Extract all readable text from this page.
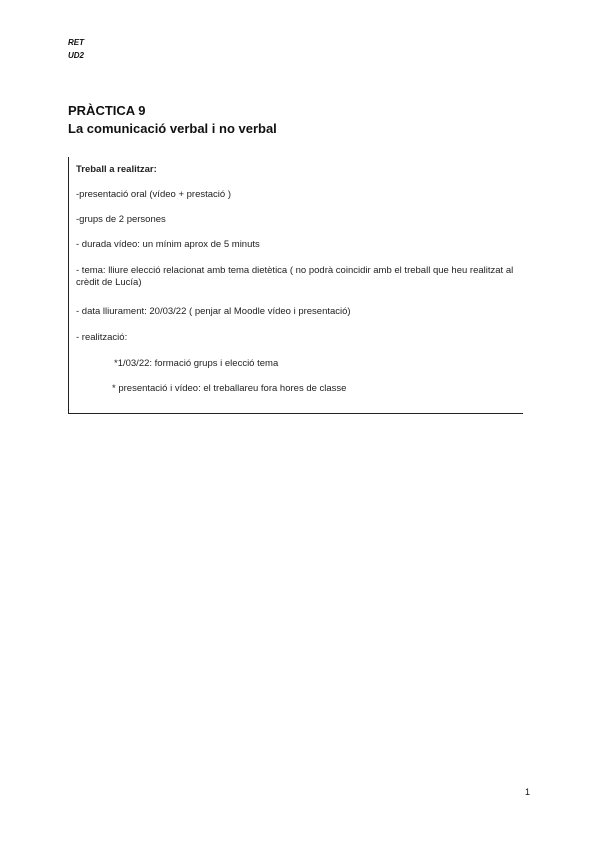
RET
UD2
PRÀCTICA 9
La comunicació verbal i no verbal
Treball a realitzar:
-presentació oral (vídeo + prestació )
-grups de 2 persones
- durada vídeo: un mínim aprox de 5 minuts
- tema: lliure elecció relacionat amb tema dietètica ( no podrà coincidir amb el treball que heu realitzat al crèdit de Lucía)
- data lliurament: 20/03/22 ( penjar al Moodle vídeo i presentació)
- realització:
*1/03/22: formació grups i elecció tema
* presentació i vídeo: el treballareu fora hores de classe
1
